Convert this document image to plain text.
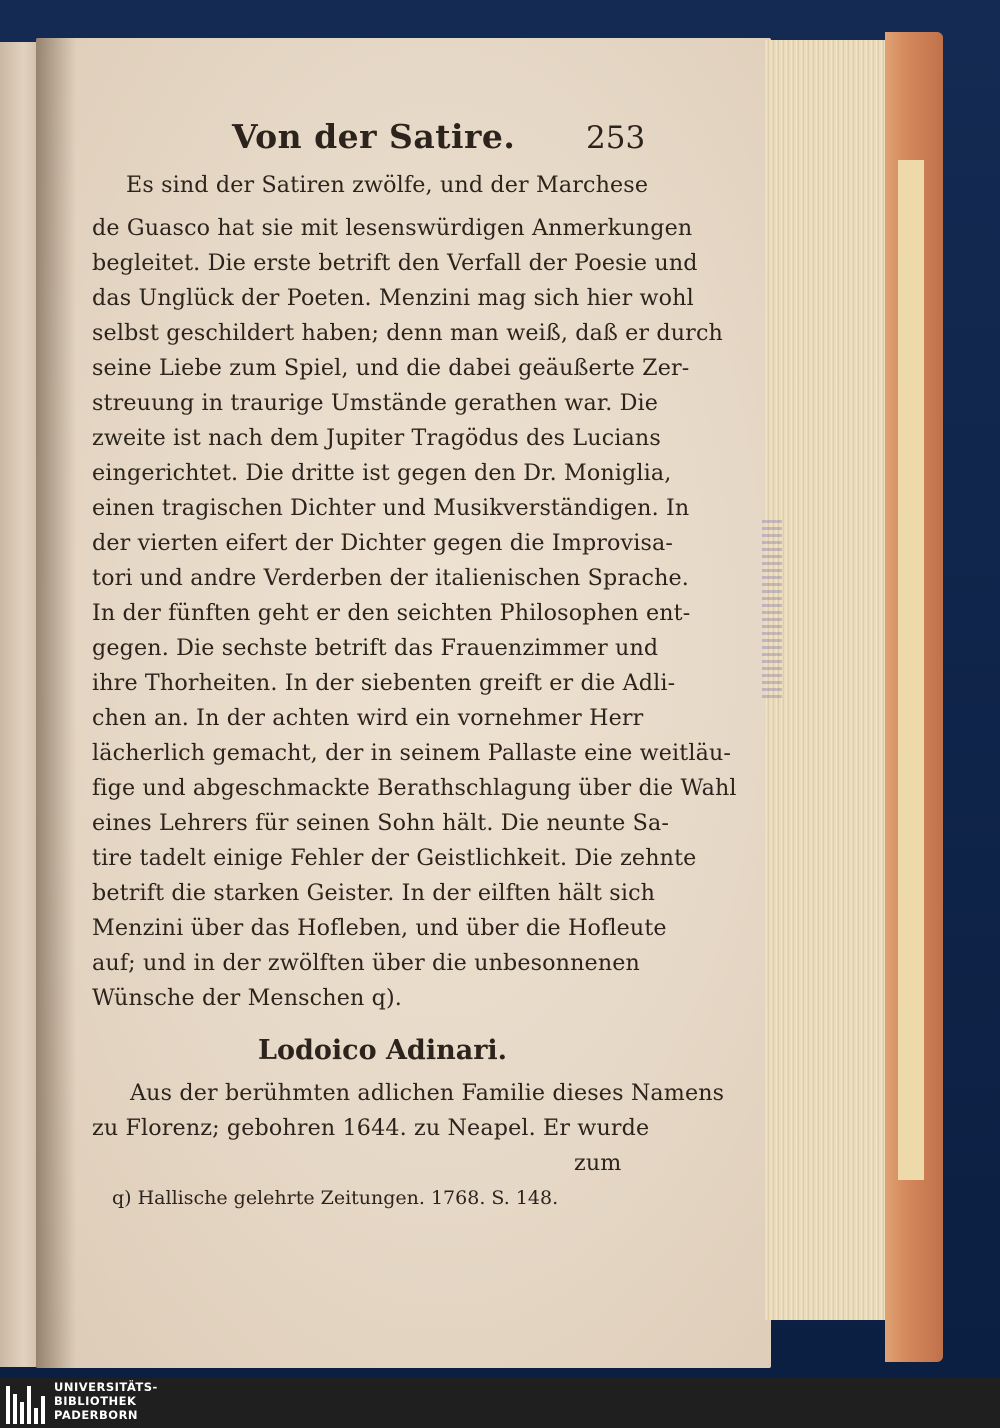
Von der Satire. 253
Es sind der Satiren zwölfe, und der Marchese
de Guasco hat sie mit lesenswürdigen Anmerkungen
begleitet. Die erste betrift den Verfall der Poesie und
das Unglück der Poeten. Menzini mag sich hier wohl
selbst geschildert haben; denn man weiß, daß er durch
seine Liebe zum Spiel, und die dabei geäußerte Zer-
streuung in traurige Umstände gerathen war. Die
zweite ist nach dem Jupiter Tragödus des Lucians
eingerichtet. Die dritte ist gegen den Dr. Moniglia,
einen tragischen Dichter und Musikverständigen. In
der vierten eifert der Dichter gegen die Improvisa-
tori und andre Verderben der italienischen Sprache.
In der fünften geht er den seichten Philosophen ent-
gegen. Die sechste betrift das Frauenzimmer und
ihre Thorheiten. In der siebenten greift er die Adli-
chen an. In der achten wird ein vornehmer Herr
lächerlich gemacht, der in seinem Pallaste eine weitläu-
fige und abgeschmackte Berathschlagung über die Wahl
eines Lehrers für seinen Sohn hält. Die neunte Sa-
tire tadelt einige Fehler der Geistlichkeit. Die zehnte
betrift die starken Geister. In der eilften hält sich
Menzini über das Hofleben, und über die Hofleute
auf; und in der zwölften über die unbesonnenen
Wünsche der Menschen q).
Lodoico Adinari.
Aus der berühmten adlichen Familie dieses Namens
zu Florenz; gebohren 1644. zu Neapel. Er wurde
zum
q) Hallische gelehrte Zeitungen. 1768. S. 148.
UNIVERSITÄTS-
BIBLIOTHEK
PADERBORN
